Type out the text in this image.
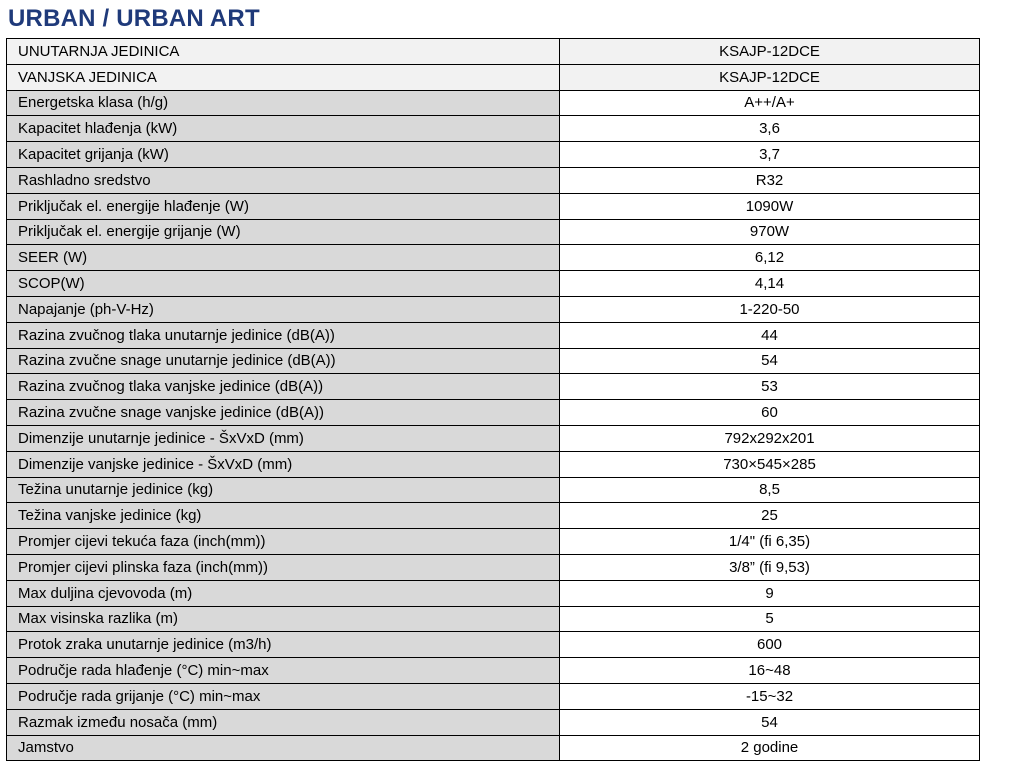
URBAN / URBAN ART
UNUTARNJA JEDINICA	KSAJP-12DCE
VANJSKA JEDINICA	KSAJP-12DCE
Energetska klasa (h/g)	A++/A+
Kapacitet hlađenja (kW)	3,6
Kapacitet grijanja (kW)	3,7
Rashladno sredstvo	R32
Priključak el. energije hlađenje (W)	1090W
Priključak el. energije grijanje (W)	970W
SEER (W)	6,12
SCOP(W)	4,14
Napajanje (ph-V-Hz)	1-220-50
Razina zvučnog tlaka unutarnje jedinice (dB(A))	44
Razina zvučne snage unutarnje jedinice (dB(A))	54
Razina zvučnog tlaka vanjske jedinice (dB(A))	53
Razina zvučne snage vanjske jedinice (dB(A))	60
Dimenzije unutarnje jedinice - ŠxVxD (mm)	792x292x201
Dimenzije vanjske jedinice - ŠxVxD (mm)	730×545×285
Težina unutarnje jedinice (kg)	8,5
Težina vanjske jedinice (kg)	25
Promjer cijevi tekuća faza (inch(mm))	1/4" (fi 6,35)
Promjer cijevi plinska faza (inch(mm))	3/8” (fi 9,53)
Max duljina cjevovoda (m)	9
Max visinska razlika (m)	5
Protok zraka unutarnje jedinice (m3/h)	600
Područje rada hlađenje (°C) min~max	16~48
Područje rada grijanje (°C) min~max	-15~32
Razmak između nosača (mm)	54
Jamstvo	2 godine
